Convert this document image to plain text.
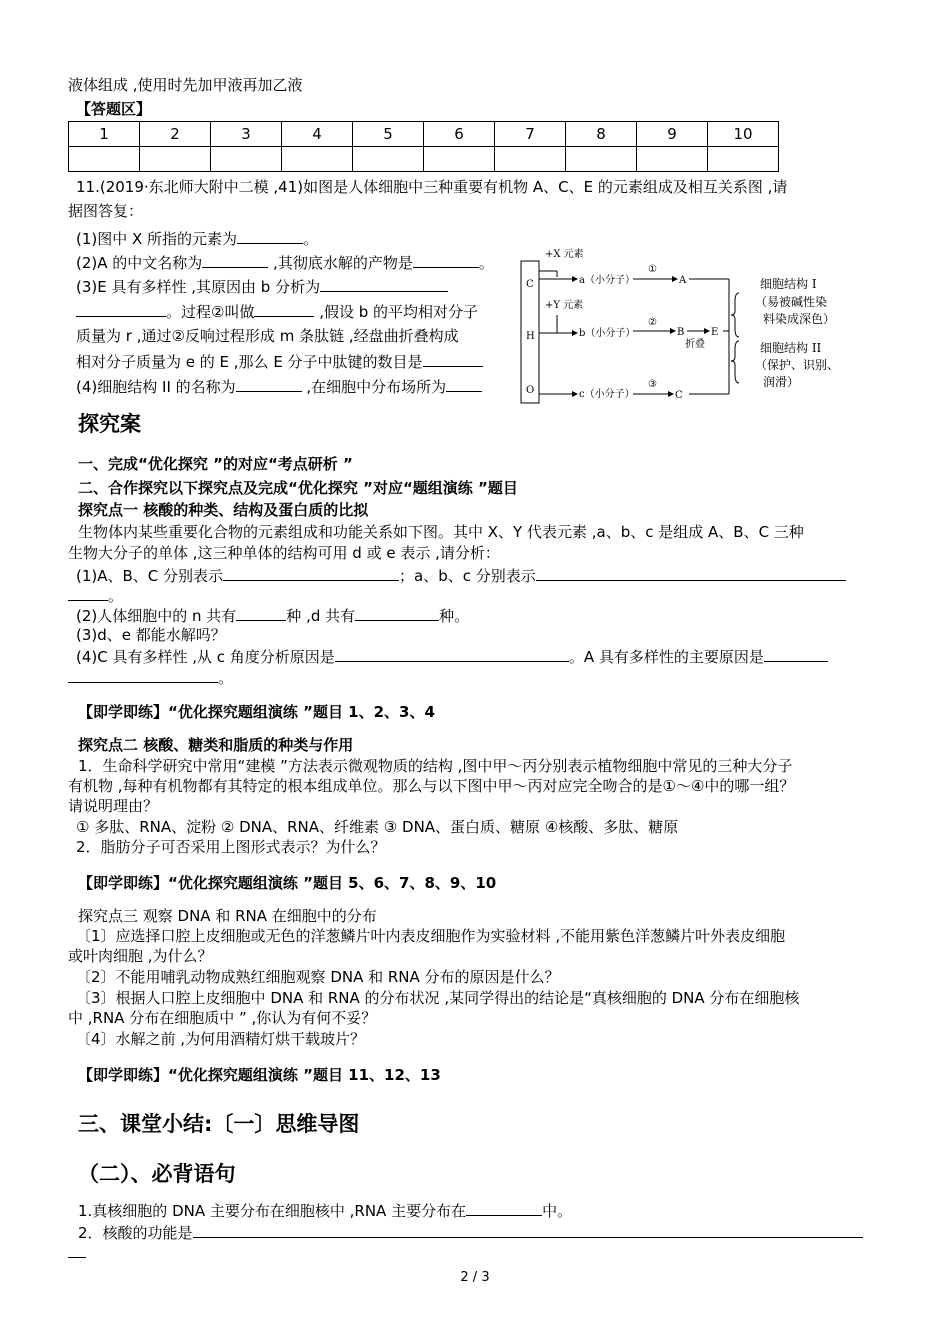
液体组成 ,使用时先加甲液再加乙液
【答题区】
1	2	3	4	5	6	7	8	9	10

11.(2019·东北师大附中二模 ,41)如图是人体细胞中三种重要有机物 A、C、E 的元素组成及相互关系图 ,请
据图答复：
(1)图中 X 所指的元素为	。
(2)A 的中文名称为	,其彻底水解的产物是	。
(3)E 具有多样性 ,其原因由 b 分析为
。过程②叫做	,假设 b 的平均相对分子
质量为 r ,通过②反响过程形成 m 条肽链 ,经盘曲折叠构成
相对分子质量为 e 的 E ,那么 E 分子中肽键的数目是
(4)细胞结构 II 的名称为	,在细胞中分布场所为
C
H
O
+X 元素
a（小分子）
①
A
+Y 元素
b（小分子）
②
B	E
折叠
c（小分子）
③
C
细胞结构 I
（易被碱性染
料染成深色）
细胞结构 II
（保护、识别、
润滑）
探究案
一、完成“优化探究 ”的对应“考点研析 ”
二、合作探究以下探究点及完成“优化探究 ”对应“题组演练 ”题目
探究点一 核酸的种类、结构及蛋白质的比拟
生物体内某些重要化合物的元素组成和功能关系如下图。其中 X、Y 代表元素 ,a、b、c 是组成 A、B、C 三种
生物大分子的单体 ,这三种单体的结构可用 d 或 e 表示 ,请分析：
(1)A、B、C 分别表示	；a、b、c 分别表示
。
(2)人体细胞中的 n 共有	种 ,d 共有	种。
(3)d、e 都能水解吗？
(4)C 具有多样性 ,从 c 角度分析原因是	。A 具有多样性的主要原因是
。
【即学即练】“优化探究题组演练 ”题目 1、2、3、4
探究点二 核酸、糖类和脂质的种类与作用
1．生命科学研究中常用“建模 ”方法表示微观物质的结构 ,图中甲～丙分别表示植物细胞中常见的三种大分子
有机物 ,每种有机物都有其特定的根本组成单位。那么与以下图中甲～丙对应完全吻合的是①～④中的哪一组？
请说明理由？
① 多肽、RNA、淀粉 ② DNA、RNA、纤维素 ③ DNA、蛋白质、糖原 ④核酸、多肽、糖原
2．脂肪分子可否采用上图形式表示？为什么？
【即学即练】“优化探究题组演练 ”题目 5、6、7、8、9、10
探究点三 观察 DNA 和 RNA 在细胞中的分布
〔1〕应选择口腔上皮细胞或无色的洋葱鳞片叶内表皮细胞作为实验材料 ,不能用紫色洋葱鳞片叶外表皮细胞
或叶肉细胞 ,为什么？
〔2〕不能用哺乳动物成熟红细胞观察 DNA 和 RNA 分布的原因是什么？
〔3〕根据人口腔上皮细胞中 DNA 和 RNA 的分布状况 ,某同学得出的结论是“真核细胞的 DNA 分布在细胞核
中 ,RNA 分布在细胞质中 ” ,你认为有何不妥？
〔4〕水解之前 ,为何用酒精灯烘干载玻片？
【即学即练】“优化探究题组演练 ”题目 11、12、13
三、课堂小结:〔一〕思维导图
（二）、必背语句
1.真核细胞的 DNA 主要分布在细胞核中 ,RNA 主要分布在	中。
2．核酸的功能是
2 / 3
